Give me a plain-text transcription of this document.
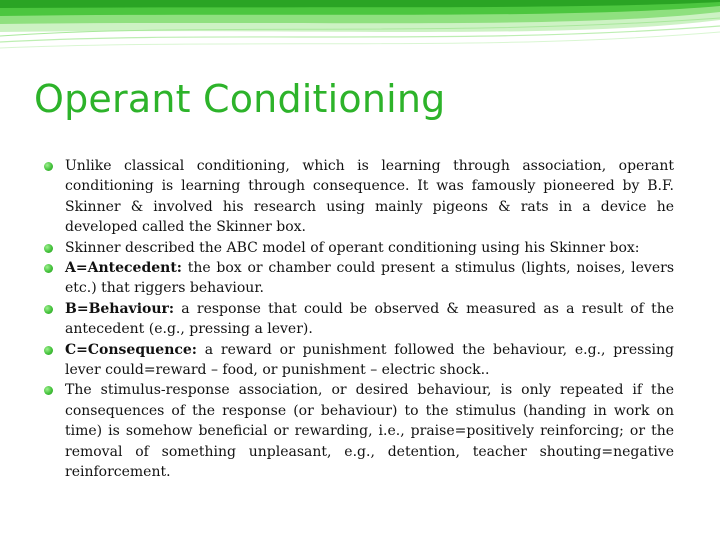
Operant Conditioning
Unlike classical conditioning, which is learning through association, operant conditioning is learning through consequence. It was famously pioneered by B.F. Skinner & involved his research using mainly pigeons & rats in a device he developed called the Skinner box.
Skinner described the ABC model of operant conditioning using his Skinner box:
A=Antecedent: the box or chamber could present a stimulus (lights, noises, levers etc.) that riggers behaviour.
B=Behaviour: a response that could be observed & measured as a result of the antecedent (e.g., pressing a lever).
C=Consequence: a reward or punishment followed the behaviour, e.g., pressing lever could=reward – food, or punishment – electric shock..
The stimulus-response association, or desired behaviour, is only repeated if the consequences of the response (or behaviour) to the stimulus (handing in work on time) is somehow beneficial or rewarding, i.e., praise=positively reinforcing; or the removal of something unpleasant, e.g., detention, teacher shouting=negative reinforcement.
